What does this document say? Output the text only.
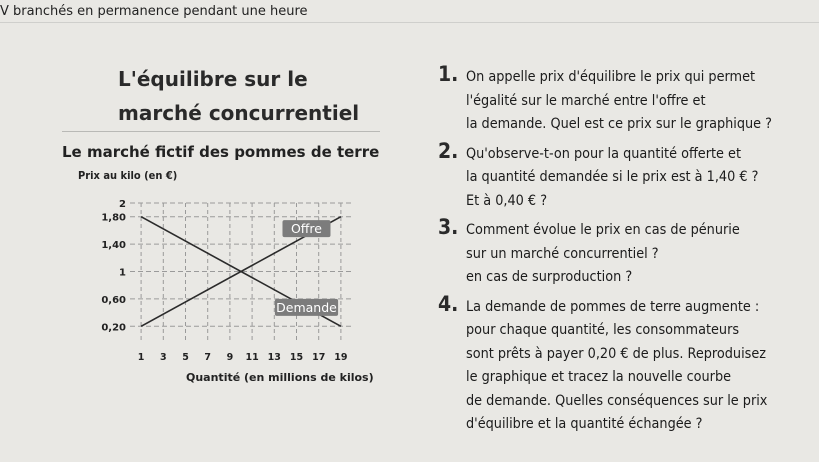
V branchés en permanence pendant une heure
L'équilibre sur le
marché concurrentiel
Le marché fictif des pommes de terre
Prix au kilo (en €)
2
1,80
1,40
1
0,60
0,20
1 3 5 7 9 11 13 15 17 19
Offre
Demande
Quantité (en millions de kilos)
1. On appelle prix d'équilibre le prix qui permet
l'égalité sur le marché entre l'offre et
la demande. Quel est ce prix sur le graphique ?
2. Qu'observe-t-on pour la quantité offerte et
la quantité demandée si le prix est à 1,40 € ?
Et à 0,40 € ?
3. Comment évolue le prix en cas de pénurie
sur un marché concurrentiel ?
en cas de surproduction ?
4. La demande de pommes de terre augmente :
pour chaque quantité, les consommateurs
sont prêts à payer 0,20 € de plus. Reproduisez
le graphique et tracez la nouvelle courbe
de demande. Quelles conséquences sur le prix
d'équilibre et la quantité échangée ?
